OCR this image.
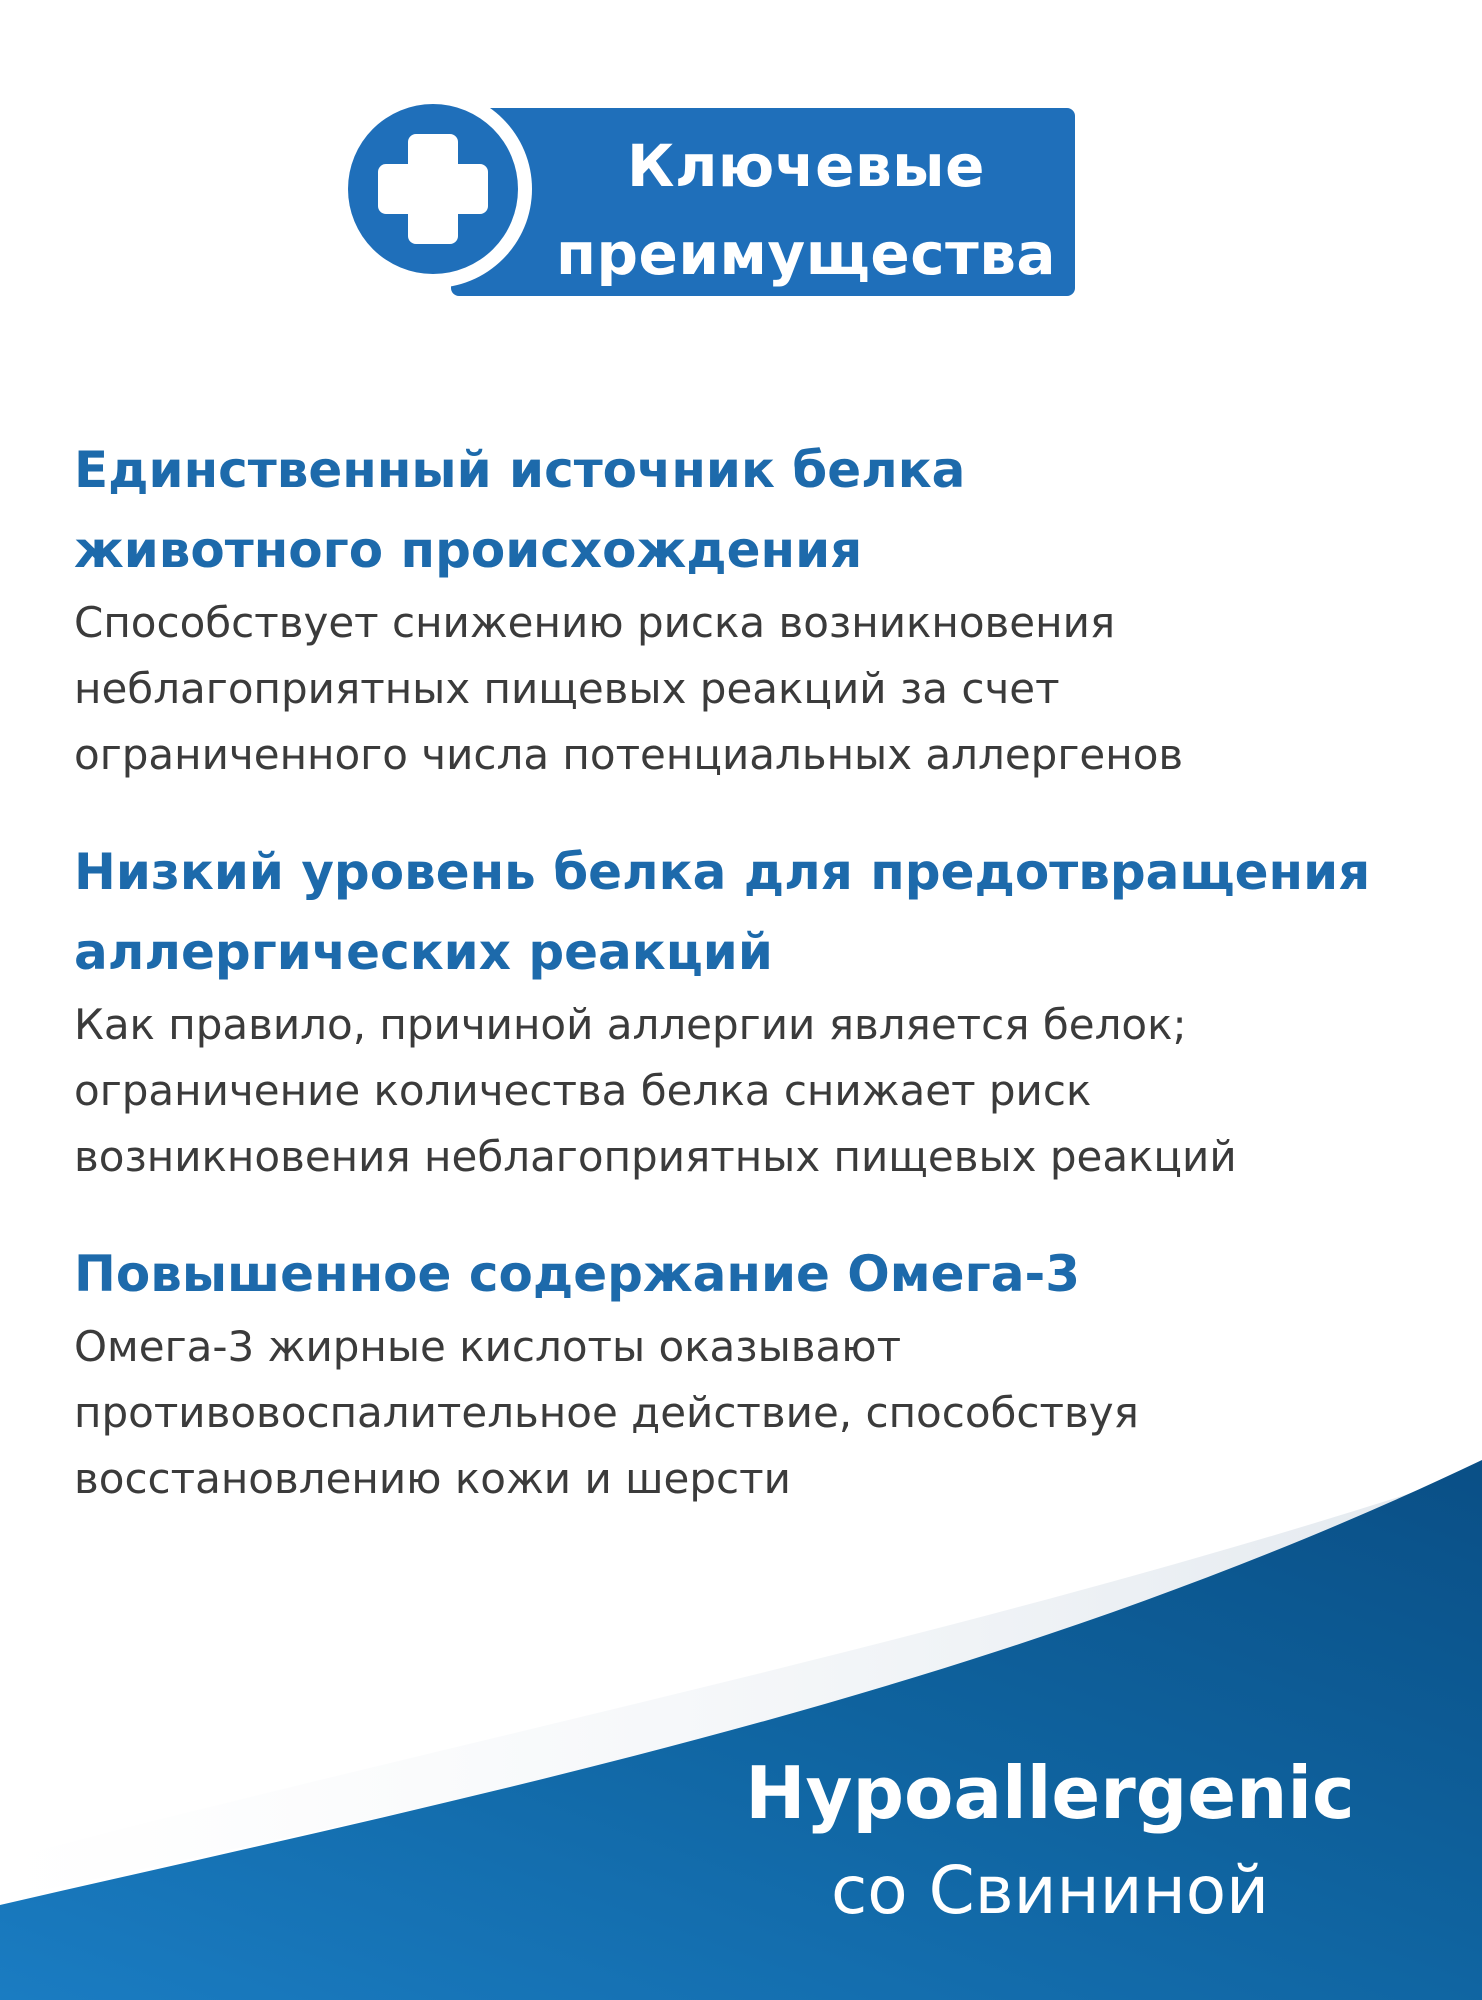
Ключевые
преимущества

Единственный источник белка
животного происхождения

Способствует снижению риска возникновения
неблагоприятных пищевых реакций за счет
ограниченного числа потенциальных аллергенов

Низкий уровень белка для предотвращения
аллергических реакций

Как правило, причиной аллергии является белок;
ограничение количества белка снижает риск
возникновения неблагоприятных пищевых реакций

Повышенное содержание Омега-3

Омега-3 жирные кислоты оказывают
противовоспалительное действие, способствуя
восстановлению кожи и шерсти

Hypoallergenic
со Свининой
